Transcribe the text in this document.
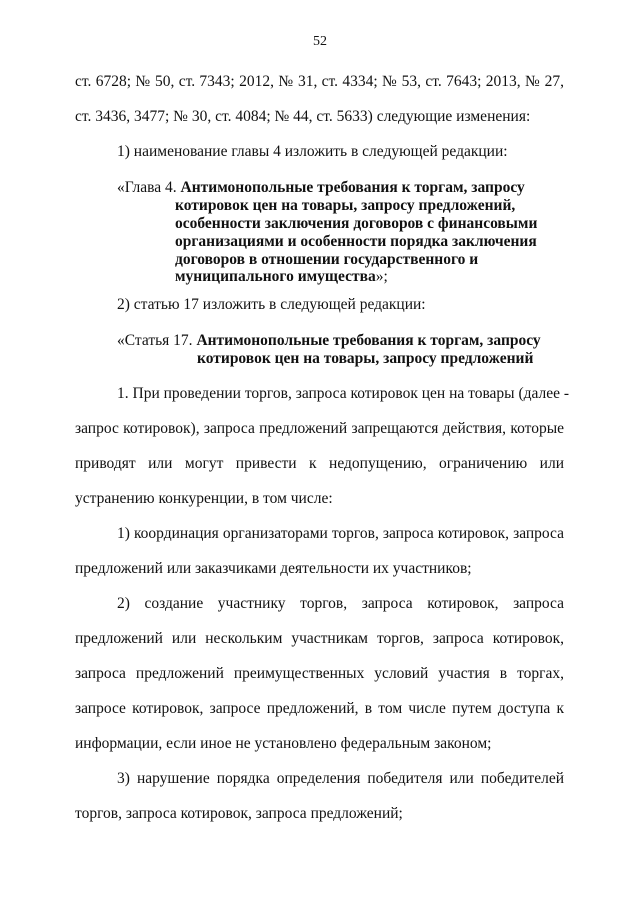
52
ст. 6728; № 50, ст. 7343; 2012, № 31, ст. 4334; № 53, ст. 7643; 2013, № 27,
ст. 3436, 3477; № 30, ст. 4084; № 44, ст. 5633) следующие изменения:
1) наименование главы 4 изложить в следующей редакции:
«Глава 4. Антимонопольные требования к торгам, запросу
котировок цен на товары, запросу предложений,
особенности заключения договоров с финансовыми
организациями и особенности порядка заключения
договоров в отношении государственного и
муниципального имущества»;
2) статью 17 изложить в следующей редакции:
«Статья 17. Антимонопольные требования к торгам, запросу
котировок цен на товары, запросу предложений
1. При проведении торгов, запроса котировок цен на товары (далее -
запрос котировок), запроса предложений запрещаются действия, которые
приводят или могут привести к недопущению, ограничению или
устранению конкуренции, в том числе:
1) координация организаторами торгов, запроса котировок, запроса
предложений или заказчиками деятельности их участников;
2) создание участнику торгов, запроса котировок, запроса
предложений или нескольким участникам торгов, запроса котировок,
запроса предложений преимущественных условий участия в торгах,
запросе котировок, запросе предложений, в том числе путем доступа к
информации, если иное не установлено федеральным законом;
3) нарушение порядка определения победителя или победителей
торгов, запроса котировок, запроса предложений;
